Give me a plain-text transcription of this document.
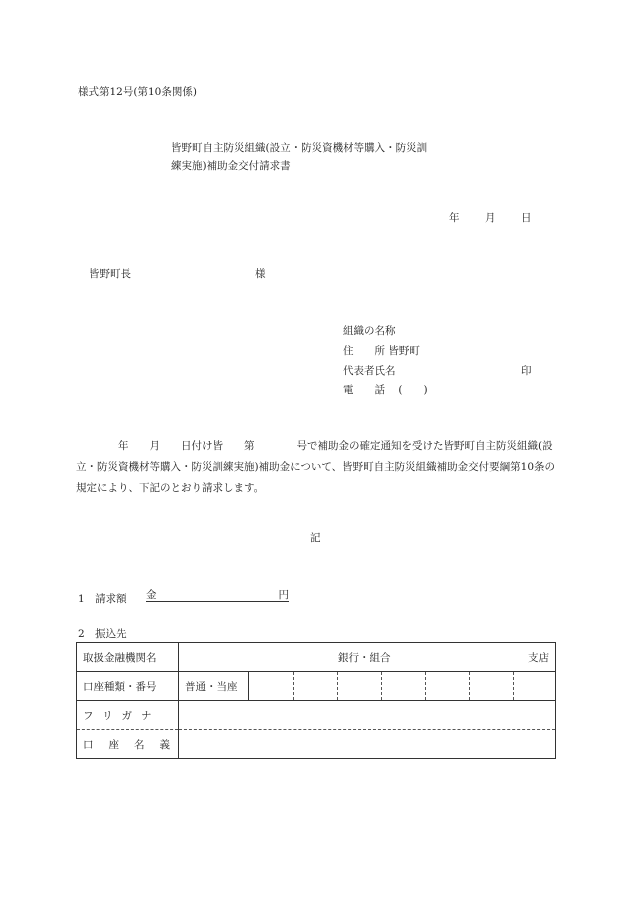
様式第12号(第10条関係)
皆野町自主防災組織(設立・防災資機材等購入・防災訓
練実施)補助金交付請求書
年 月 日
皆野町長	様
組織の名称
住　　所 皆野町
代表者氏名	印
電　　話 (　　)
　　　　年　　月　　日付け皆　　第　　　　号で補助金の確定通知を受けた皆野町自主防災組織(設立・防災資機材等購入・防災訓練実施)補助金について、皆野町自主防災組織補助金交付要綱第10条の規定により、下記のとおり請求します。
記
1　請求額 金	円
2　振込先
取扱金融機関名	銀行・組合 支店

口座種類・番号	普通・当座

フリガナ	
口座名義	
